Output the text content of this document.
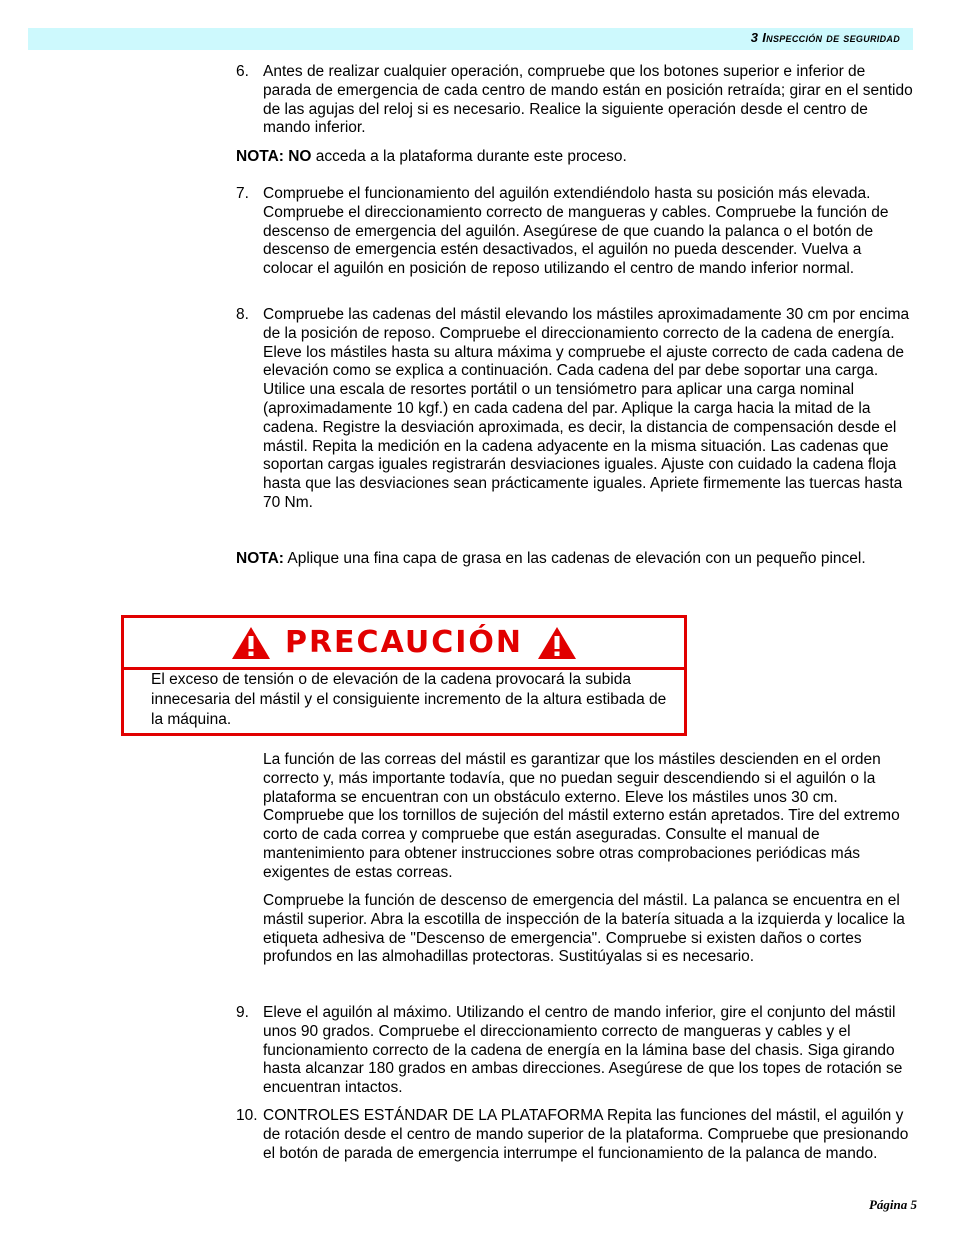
3 Inspección de seguridad
6. Antes de realizar cualquier operación, compruebe que los botones superior e inferior de parada de emergencia de cada centro de mando están en posición retraída; girar en el sentido de las agujas del reloj si es necesario. Realice la siguiente operación desde el centro de mando inferior.
NOTA: NO acceda a la plataforma durante este proceso.
7. Compruebe el funcionamiento del aguilón extendiéndolo hasta su posición más elevada. Compruebe el direccionamiento correcto de mangueras y cables. Compruebe la función de descenso de emergencia del aguilón. Asegúrese de que cuando la palanca o el botón de descenso de emergencia estén desactivados, el aguilón no pueda descender. Vuelva a colocar el aguilón en posición de reposo utilizando el centro de mando inferior normal.
8. Compruebe las cadenas del mástil elevando los mástiles aproximadamente 30 cm por encima de la posición de reposo. Compruebe el direccionamiento correcto de la cadena de energía. Eleve los mástiles hasta su altura máxima y compruebe el ajuste correcto de cada cadena de elevación como se explica a continuación. Cada cadena del par debe soportar una carga. Utilice una escala de resortes portátil o un tensiómetro para aplicar una carga nominal (aproximadamente 10 kgf.) en cada cadena del par. Aplique la carga hacia la mitad de la cadena. Registre la desviación aproximada, es decir, la distancia de compensación desde el mástil. Repita la medición en la cadena adyacente en la misma situación. Las cadenas que soportan cargas iguales registrarán desviaciones iguales. Ajuste con cuidado la cadena floja hasta que las desviaciones sean prácticamente iguales. Apriete firmemente las tuercas hasta 70 Nm.
NOTA: Aplique una fina capa de grasa en las cadenas de elevación con un pequeño pincel.
PRECAUCIÓN
El exceso de tensión o de elevación de la cadena provocará la subida innecesaria del mástil y el consiguiente incremento de la altura estibada de la máquina.
La función de las correas del mástil es garantizar que los mástiles descienden en el orden correcto y, más importante todavía, que no puedan seguir descendiendo si el aguilón o la plataforma se encuentran con un obstáculo externo. Eleve los mástiles unos 30 cm. Compruebe que los tornillos de sujeción del mástil externo están apretados. Tire del extremo corto de cada correa y compruebe que están aseguradas. Consulte el manual de mantenimiento para obtener instrucciones sobre otras comprobaciones periódicas más exigentes de estas correas.
Compruebe la función de descenso de emergencia del mástil. La palanca se encuentra en el mástil superior. Abra la escotilla de inspección de la batería situada a la izquierda y localice la etiqueta adhesiva de "Descenso de emergencia". Compruebe si existen daños o cortes profundos en las almohadillas protectoras. Sustitúyalas si es necesario.
9. Eleve el aguilón al máximo. Utilizando el centro de mando inferior, gire el conjunto del mástil unos 90 grados. Compruebe el direccionamiento correcto de mangueras y cables y el funcionamiento correcto de la cadena de energía en la lámina base del chasis. Siga girando hasta alcanzar 180 grados en ambas direcciones. Asegúrese de que los topes de rotación se encuentran intactos.
10. CONTROLES ESTÁNDAR DE LA PLATAFORMA Repita las funciones del mástil, el aguilón y de rotación desde el centro de mando superior de la plataforma. Compruebe que presionando el botón de parada de emergencia interrumpe el funcionamiento de la palanca de mando.
Página 5
